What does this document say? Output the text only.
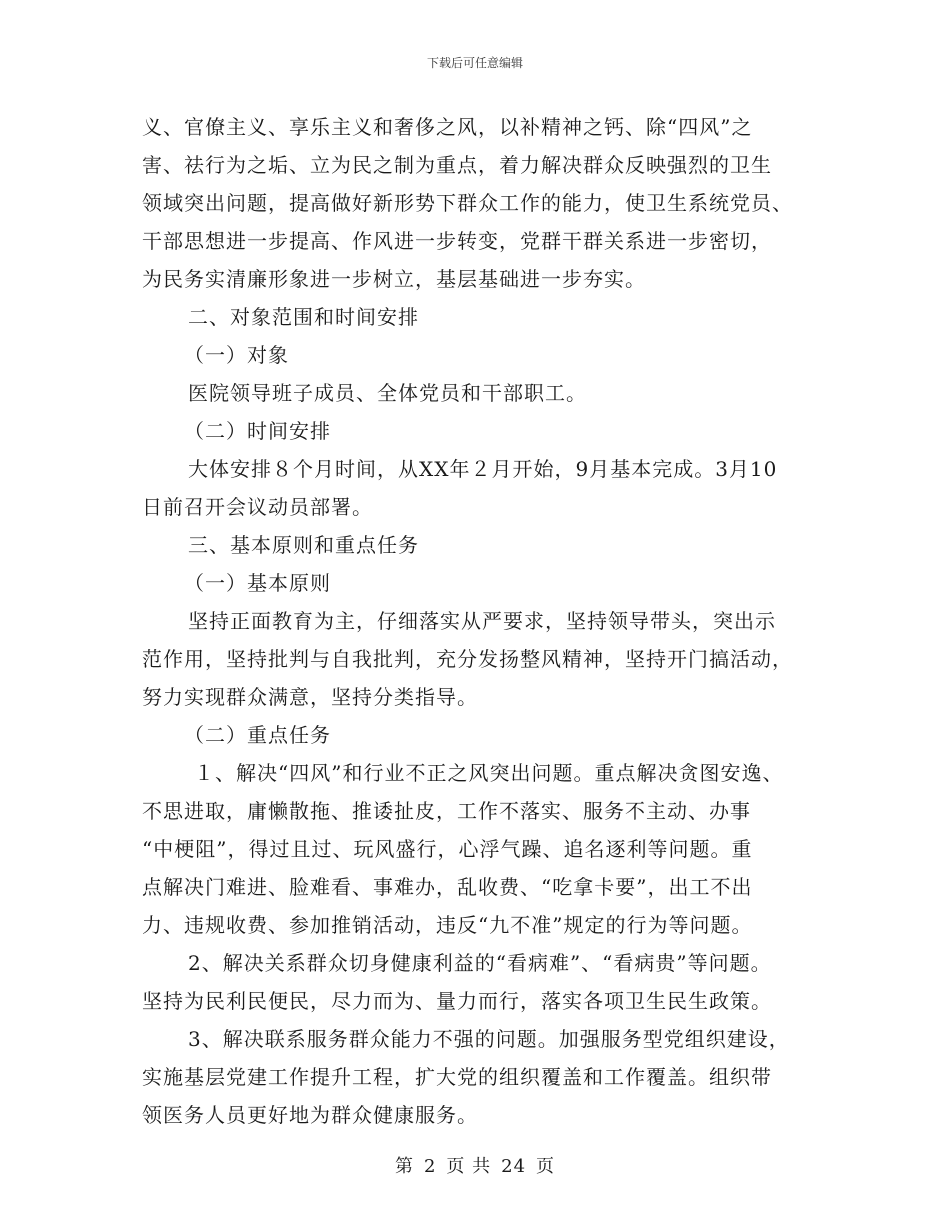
下载后可任意编辑
义、官僚主义、享乐主义和奢侈之风，以补精神之钙、除“四风”之
害、祛行为之垢、立为民之制为重点，着力解决群众反映强烈的卫生
领域突出问题，提高做好新形势下群众工作的能力，使卫生系统党员、
干部思想进一步提高、作风进一步转变，党群干群关系进一步密切，
为民务实清廉形象进一步树立，基层基础进一步夯实。
二、对象范围和时间安排
（一）对象
医院领导班子成员、全体党员和干部职工。
（二）时间安排
大体安排８个月时间，从XX年２月开始，9月基本完成。3月10
日前召开会议动员部署。
三、基本原则和重点任务
（一）基本原则
坚持正面教育为主，仔细落实从严要求，坚持领导带头，突出示
范作用，坚持批判与自我批判，充分发扬整风精神，坚持开门搞活动，
努力实现群众满意，坚持分类指导。
（二）重点任务
１、解决“四风”和行业不正之风突出问题。重点解决贪图安逸、
不思进取，庸懒散拖、推诿扯皮，工作不落实、服务不主动、办事
“中梗阻”，得过且过、玩风盛行，心浮气躁、追名逐利等问题。重
点解决门难进、脸难看、事难办，乱收费、“吃拿卡要”，出工不出
力、违规收费、参加推销活动，违反“九不准”规定的行为等问题。
2、解决关系群众切身健康利益的“看病难”、“看病贵”等问题。
坚持为民利民便民，尽力而为、量力而行，落实各项卫生民生政策。
3、解决联系服务群众能力不强的问题。加强服务型党组织建设，
实施基层党建工作提升工程，扩大党的组织覆盖和工作覆盖。组织带
领医务人员更好地为群众健康服务。
第 2 页 共 24 页
